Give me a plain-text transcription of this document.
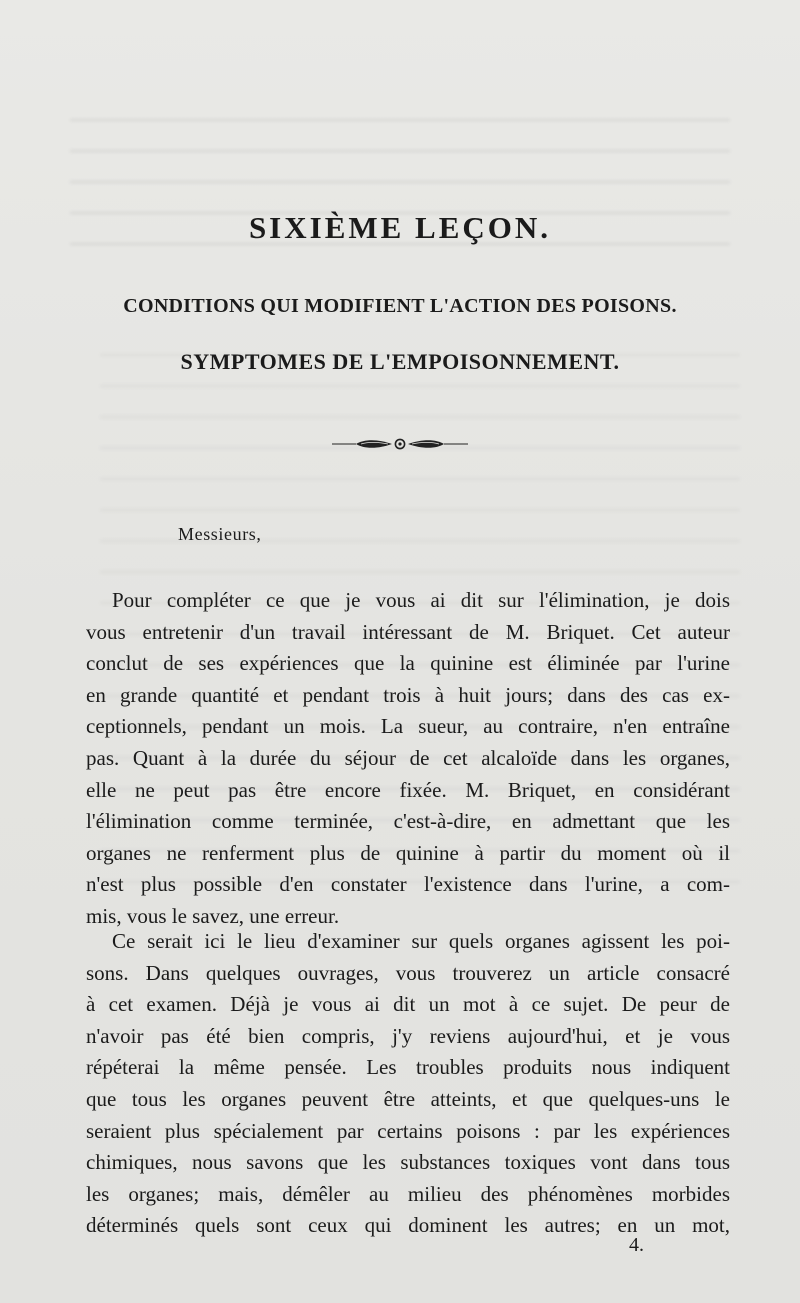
SIXIÈME LEÇON.
CONDITIONS QUI MODIFIENT L'ACTION DES POISONS.
SYMPTOMES DE L'EMPOISONNEMENT.

Messieurs,

Pour compléter ce que je vous ai dit sur l'élimination, je dois
vous entretenir d'un travail intéressant de M. Briquet. Cet auteur
conclut de ses expériences que la quinine est éliminée par l'urine
en grande quantité et pendant trois à huit jours; dans des cas ex-
ceptionnels, pendant un mois. La sueur, au contraire, n'en entraîne
pas. Quant à la durée du séjour de cet alcaloïde dans les organes,
elle ne peut pas être encore fixée. M. Briquet, en considérant
l'élimination comme terminée, c'est-à-dire, en admettant que les
organes ne renferment plus de quinine à partir du moment où il
n'est plus possible d'en constater l'existence dans l'urine, a com-
mis, vous le savez, une erreur.
Ce serait ici le lieu d'examiner sur quels organes agissent les poi-
sons. Dans quelques ouvrages, vous trouverez un article consacré
à cet examen. Déjà je vous ai dit un mot à ce sujet. De peur de
n'avoir pas été bien compris, j'y reviens aujourd'hui, et je vous
répéterai la même pensée. Les troubles produits nous indiquent
que tous les organes peuvent être atteints, et que quelques-uns le
seraient plus spécialement par certains poisons : par les expériences
chimiques, nous savons que les substances toxiques vont dans tous
les organes; mais, démêler au milieu des phénomènes morbides
déterminés quels sont ceux qui dominent les autres; en un mot,

4.
